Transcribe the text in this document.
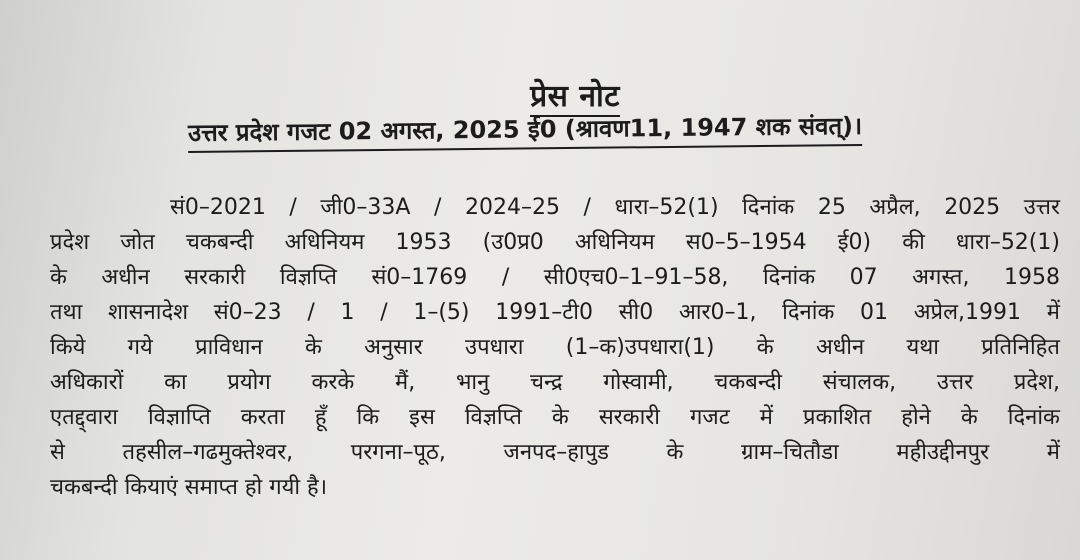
प्रेस नोट
उत्तर प्रदेश गजट 02 अगस्त, 2025 ई0 (श्रावण11, 1947 शक संवत्)।
सं0–2021 / जी0–33A / 2024–25 / धारा–52(1) दिनांक 25 अप्रैल, 2025 उत्तर
प्रदेश जोत चकबन्दी अधिनियम 1953 (उ0प्र0 अधिनियम स0–5–1954 ई0) की धारा–52(1)
के अधीन सरकारी विज्ञप्ति सं0–1769 / सी0एच0–1–91–58, दिनांक 07 अगस्त, 1958
तथा शासनादेश सं0–23 / 1 / 1–(5) 1991–टी0 सी0 आर0–1, दिनांक 01 अप्रेल,1991 में
किये गये प्राविधान के अनुसार उपधारा (1–क)उपधारा(1) के अधीन यथा प्रतिनिहित
अधिकारों का प्रयोग करके मैं, भानु चन्द्र गोस्वामी, चकबन्दी संचालक, उत्तर प्रदेश,
एतद्द्वारा विज्ञाप्ति करता हूँ कि इस विज्ञप्ति के सरकारी गजट में प्रकाशित होने के दिनांक
से	तहसील–गढमुक्तेश्वर,	परगना–पूठ,	जनपद–हापुड	के	ग्राम–चितौडा	महीउद्दीनपुर	में
चकबन्दी कियाएं समाप्त हो गयी है।
